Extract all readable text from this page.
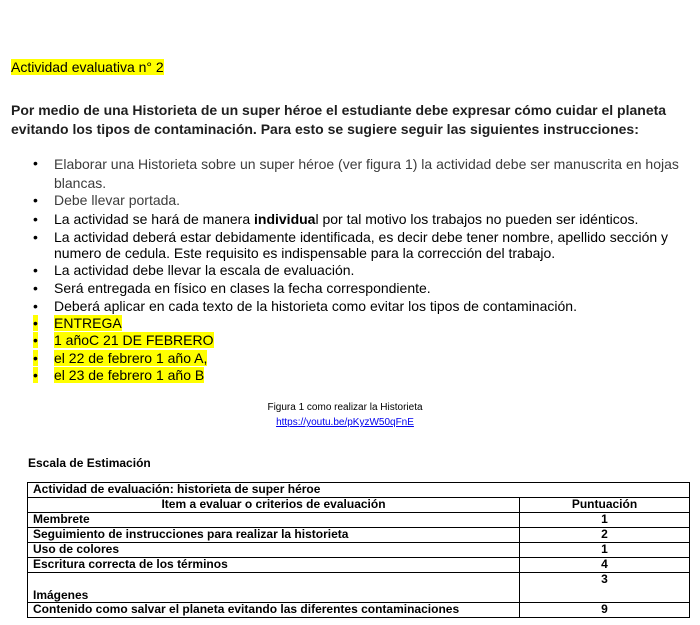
Actividad evaluativa n° 2
Por medio de una Historieta de un super héroe el estudiante debe expresar cómo cuidar el planeta evitando los tipos de contaminación. Para esto se sugiere seguir las siguientes instrucciones:
• Elaborar una Historieta sobre un super héroe (ver figura 1) la actividad debe ser manuscrita en hojas blancas.
• Debe llevar portada.
• La actividad se hará de manera individual por tal motivo los trabajos no pueden ser idénticos.
• La actividad deberá estar debidamente identificada, es decir debe tener nombre, apellido sección y numero de cedula. Este requisito es indispensable para la corrección del trabajo.
• La actividad debe llevar la escala de evaluación.
• Será entregada en físico en clases la fecha correspondiente.
• Deberá aplicar en cada texto de la historieta como evitar los tipos de contaminación.
• ENTREGA
• 1 añoC 21 DE FEBRERO
• el 22 de febrero 1 año A,
• el 23 de febrero 1 año B
Figura 1 como realizar la Historieta
https://youtu.be/pKyzW50qFnE
Escala de Estimación
Actividad de evaluación: historieta de super héroe	
Item a evaluar o criterios de evaluación	Puntuación
Membrete	1
Seguimiento de instrucciones para realizar la historieta	2
Uso de colores	1
Escritura correcta de los términos	4
Imágenes	3
Contenido como salvar el planeta evitando las diferentes contaminaciones	9
